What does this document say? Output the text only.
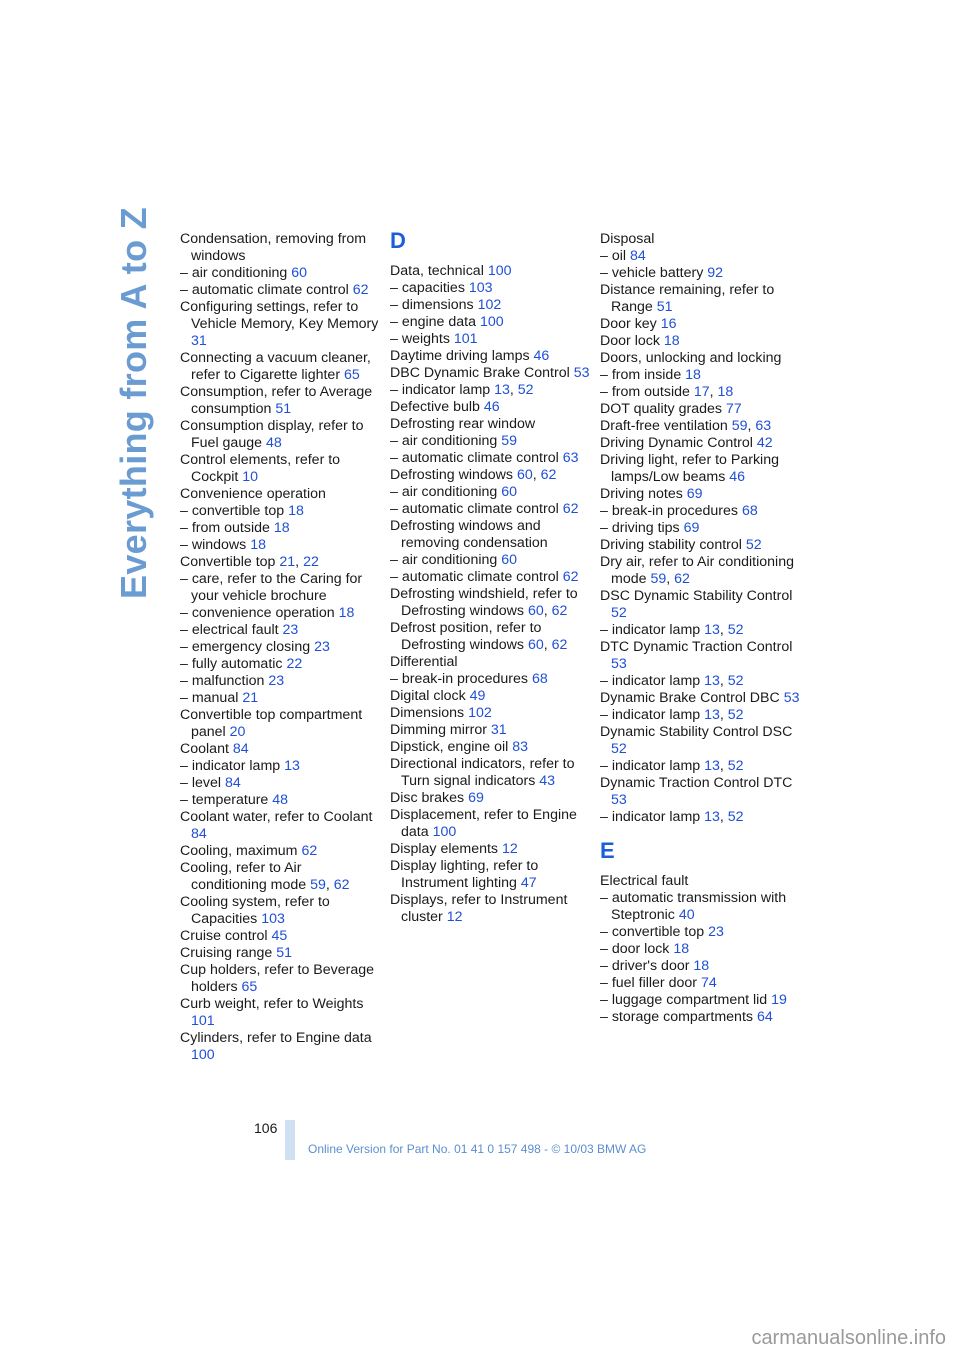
Everything from A to Z Condensation, removing from windows
– air conditioning 60
– automatic climate control 62
Configuring settings, refer to Vehicle Memory, Key Memory 31
Connecting a vacuum cleaner, refer to Cigarette lighter 65
Consumption, refer to Average consumption 51
Consumption display, refer to Fuel gauge 48
Control elements, refer to Cockpit 10
Convenience operation
– convertible top 18
– from outside 18
– windows 18
Convertible top 21, 22
– care, refer to the Caring for your vehicle brochure
– convenience operation 18
– electrical fault 23
– emergency closing 23
– fully automatic 22
– malfunction 23
– manual 21
Convertible top compartment panel 20
Coolant 84
– indicator lamp 13
– level 84
– temperature 48
Coolant water, refer to Coolant 84
Cooling, maximum 62
Cooling, refer to Air conditioning mode 59, 62
Cooling system, refer to Capacities 103
Cruise control 45
Cruising range 51
Cup holders, refer to Beverage holders 65
Curb weight, refer to Weights 101
Cylinders, refer to Engine data 100
D
Data, technical 100
– capacities 103
– dimensions 102
– engine data 100
– weights 101
Daytime driving lamps 46
DBC Dynamic Brake Control 53
– indicator lamp 13, 52
Defective bulb 46
Defrosting rear window
– air conditioning 59
– automatic climate control 63
Defrosting windows 60, 62
– air conditioning 60
– automatic climate control 62
Defrosting windows and removing condensation
– air conditioning 60
– automatic climate control 62
Defrosting windshield, refer to Defrosting windows 60, 62
Defrost position, refer to Defrosting windows 60, 62
Differential
– break-in procedures 68
Digital clock 49
Dimensions 102
Dimming mirror 31
Dipstick, engine oil 83
Directional indicators, refer to Turn signal indicators 43
Disc brakes 69
Displacement, refer to Engine data 100
Display elements 12
Display lighting, refer to Instrument lighting 47
Displays, refer to Instrument cluster 12
Disposal
– oil 84
– vehicle battery 92
Distance remaining, refer to Range 51
Door key 16
Door lock 18
Doors, unlocking and locking
– from inside 18
– from outside 17, 18
DOT quality grades 77
Draft-free ventilation 59, 63
Driving Dynamic Control 42
Driving light, refer to Parking lamps/Low beams 46
Driving notes 69
– break-in procedures 68
– driving tips 69
Driving stability control 52
Dry air, refer to Air conditioning mode 59, 62
DSC Dynamic Stability Control 52
– indicator lamp 13, 52
DTC Dynamic Traction Control 53
– indicator lamp 13, 52
Dynamic Brake Control DBC 53
– indicator lamp 13, 52
Dynamic Stability Control DSC 52
– indicator lamp 13, 52
Dynamic Traction Control DTC 53
– indicator lamp 13, 52
E
Electrical fault
– automatic transmission with Steptronic 40
– convertible top 23
– door lock 18
– driver's door 18
– fuel filler door 74
– luggage compartment lid 19
– storage compartments 64
106
Online Version for Part No. 01 41 0 157 498 - © 10/03 BMW AG
carmanualsonline.info
